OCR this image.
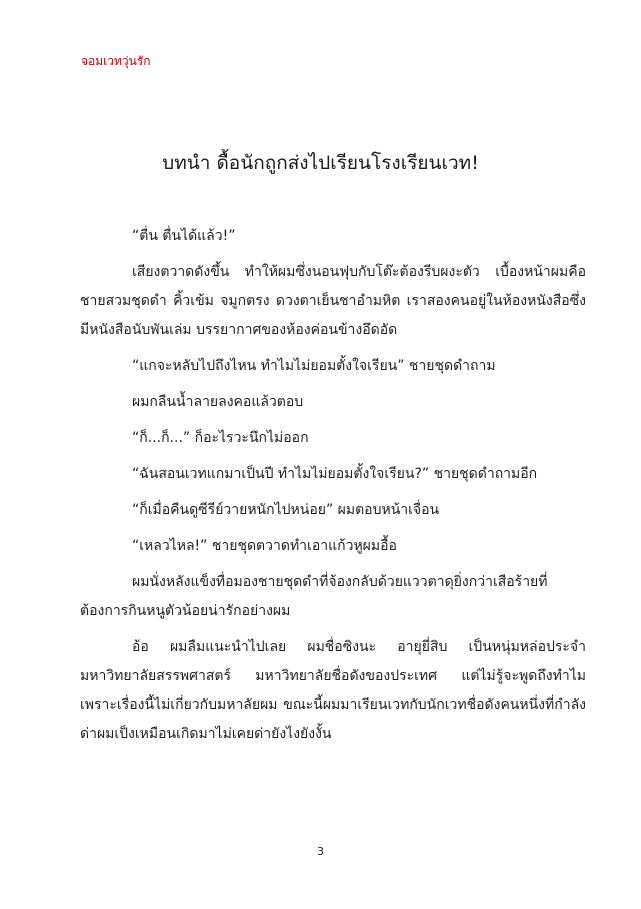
จอมเวทวุ่นรัก
บทนำ ดื้อนักถูกส่งไปเรียนโรงเรียนเวท!

“ตื่น ตื่นได้แล้ว!”

เสียงตวาดดังขึ้น ทำให้ผมซึ่งนอนฟุบกับโต๊ะต้องรีบผงะตัว เบื้องหน้าผมคือชายสวมชุดดำ คิ้วเข้ม จมูกตรง ดวงตาเย็นชาอำมหิต เราสองคนอยู่ในห้องหนังสือซึ่งมีหนังสือนับพันเล่ม บรรยากาศของห้องค่อนข้างอึดอัด

“แกจะหลับไปถึงไหน ทำไมไม่ยอมตั้งใจเรียน” ชายชุดดำถาม

ผมกลืนน้ำลายลงคอแล้วตอบ

“ก็...ก็...” ก็อะไรวะนึกไม่ออก

“ฉันสอนเวทแกมาเป็นปี ทำไมไม่ยอมตั้งใจเรียน?” ชายชุดดำถามอีก

“ก็เมื่อคืนดูซีรีย์วายหนักไปหน่อย” ผมตอบหน้าเจื่อน

“เหลวไหล!” ชายชุดตวาดทำเอาแก้วหูผมอื้อ

ผมนั่งหลังแข็งทื่อมองชายชุดดำที่จ้องกลับด้วยแววตาดุยิ่งกว่าเสือร้ายที่ต้องการกินหนูตัวน้อยน่ารักอย่างผม

อ้อ ผมลืมแนะนำไปเลย ผมชื่อซิงนะ อายุยี่สิบ เป็นหนุ่มหล่อประจำมหาวิทยาลัยสรรพศาสตร์ มหาวิทยาลัยชื่อดังของประเทศ แต่ไม่รู้จะพูดถึงทำไม เพราะเรื่องนี้ไม่เกี่ยวกับมหาลัยผม ขณะนี้ผมมาเรียนเวทกับนักเวทชื่อดังคนหนึ่งที่กำลังด่าผมเป็งเหมือนเกิดมาไม่เคยด่ายังไงยังงั้น

3
